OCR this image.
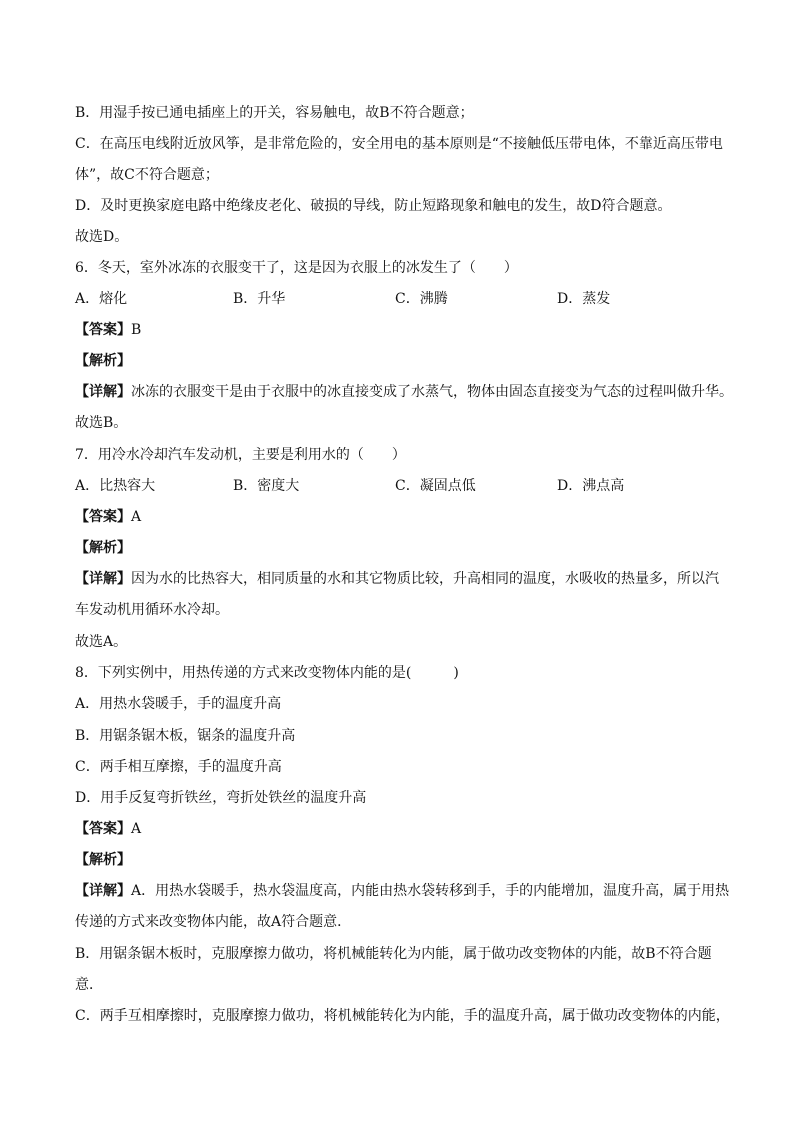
B．用湿手按已通电插座上的开关，容易触电，故B不符合题意；
C．在高压电线附近放风筝，是非常危险的，安全用电的基本原则是“不接触低压带电体，不靠近高压带电
体”，故C不符合题意；
D．及时更换家庭电路中绝缘皮老化、破损的导线，防止短路现象和触电的发生，故D符合题意。
故选D。
6．冬天，室外冰冻的衣服变干了，这是因为衣服上的冰发生了（　　）
A．熔化	B．升华	C．沸腾	D．蒸发
【答案】B
【解析】
【详解】冰冻的衣服变干是由于衣服中的冰直接变成了水蒸气，物体由固态直接变为气态的过程叫做升华。
故选B。
7．用冷水冷却汽车发动机，主要是利用水的（　　）
A．比热容大	B．密度大	C．凝固点低	D．沸点高
【答案】A
【解析】
【详解】因为水的比热容大，相同质量的水和其它物质比较，升高相同的温度，水吸收的热量多，所以汽
车发动机用循环水冷却。
故选A。
8．下列实例中，用热传递的方式来改变物体内能的是(　　　)
A．用热水袋暖手，手的温度升高
B．用锯条锯木板，锯条的温度升高
C．两手相互摩擦，手的温度升高
D．用手反复弯折铁丝，弯折处铁丝的温度升高
【答案】A
【解析】
【详解】A．用热水袋暖手，热水袋温度高，内能由热水袋转移到手，手的内能增加，温度升高，属于用热
传递的方式来改变物体内能，故A符合题意．
B．用锯条锯木板时，克服摩擦力做功，将机械能转化为内能，属于做功改变物体的内能，故B不符合题
意．
C．两手互相摩擦时，克服摩擦力做功，将机械能转化为内能，手的温度升高，属于做功改变物体的内能，
